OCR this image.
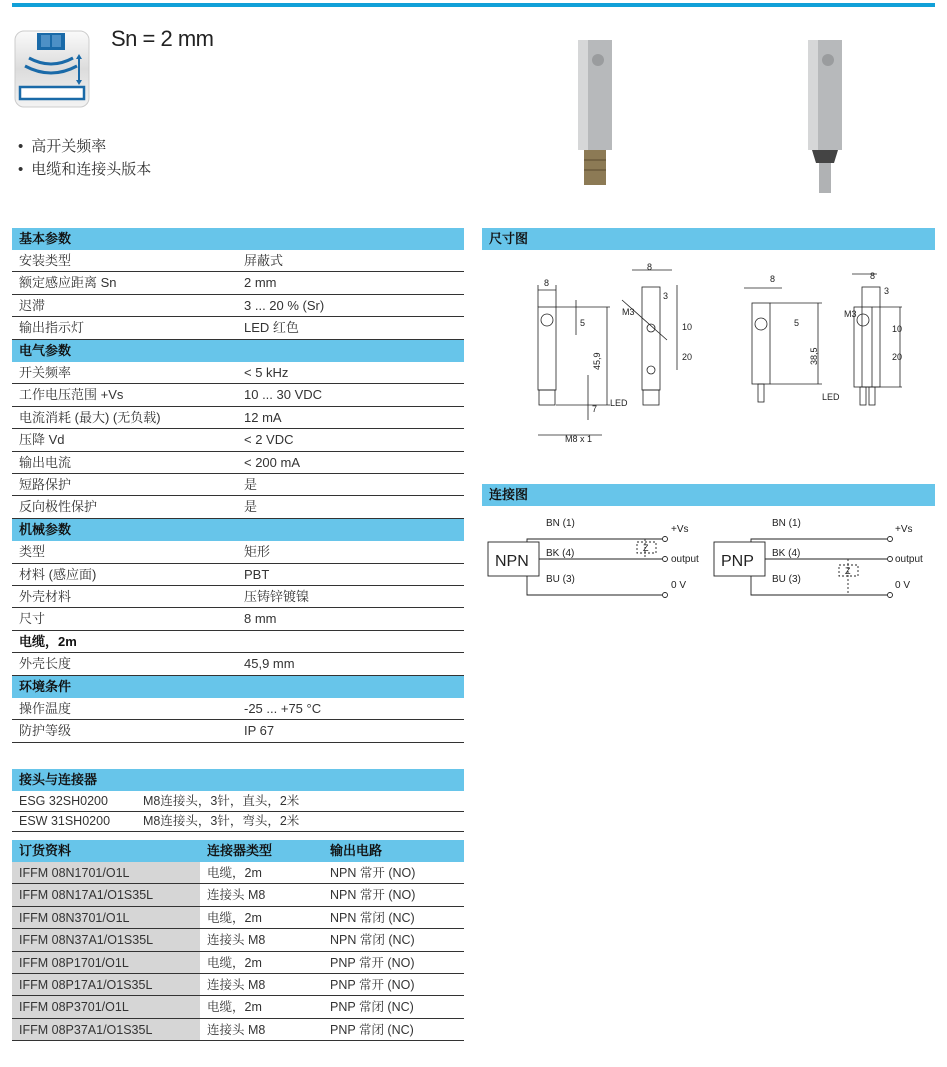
Sn = 2 mm
• 高开关频率
• 电缆和连接头版本
基本参数
安装类型	屏蔽式
额定感应距离 Sn	2 mm
迟滞	3 ... 20 % (Sr)
输出指示灯	LED 红色
电气参数
开关频率	< 5 kHz
工作电压范围 +Vs	10 ... 30 VDC
电流消耗 (最大) (无负载)	12 mA
压降 Vd	< 2 VDC
输出电流	< 200 mA
短路保护	是
反向极性保护	是
机械参数
类型	矩形
材料 (感应面)	PBT
外壳材料	压铸锌镀镍
尺寸	8 mm
电缆，2m
外壳长度	45,9 mm
环境条件
操作温度	-25 ... +75 °C
防护等级	IP 67
接头与连接器
ESG 32SH0200	M8连接头，3针，直头，2米
ESW 31SH0200	M8连接头，3针，弯头，2米
订货资料	连接器类型	输出电路
IFFM 08N1701/O1L	电缆，2m	NPN 常开 (NO)
IFFM 08N17A1/O1S35L	连接头 M8	NPN 常开 (NO)
IFFM 08N3701/O1L	电缆，2m	NPN 常闭 (NC)
IFFM 08N37A1/O1S35L	连接头 M8	NPN 常闭 (NC)
IFFM 08P1701/O1L	电缆，2m	PNP 常开 (NO)
IFFM 08P17A1/O1S35L	连接头 M8	PNP 常开 (NO)
IFFM 08P3701/O1L	电缆，2m	PNP 常闭 (NC)
IFFM 08P37A1/O1S35L	连接头 M8	PNP 常闭 (NC)
尺寸图
8
5
45,9
7
M8 x 1
8
3
10
20
M3
LED
8
5
38,5
8
3
10
20
M3
LED
连接图
NPN	PNP
BN (1)
BK (4)
BU (3)
BN (1)
BK (4)
BU (3)
+Vs
output
0 V
+Vs
output
0 V
Z
Z
